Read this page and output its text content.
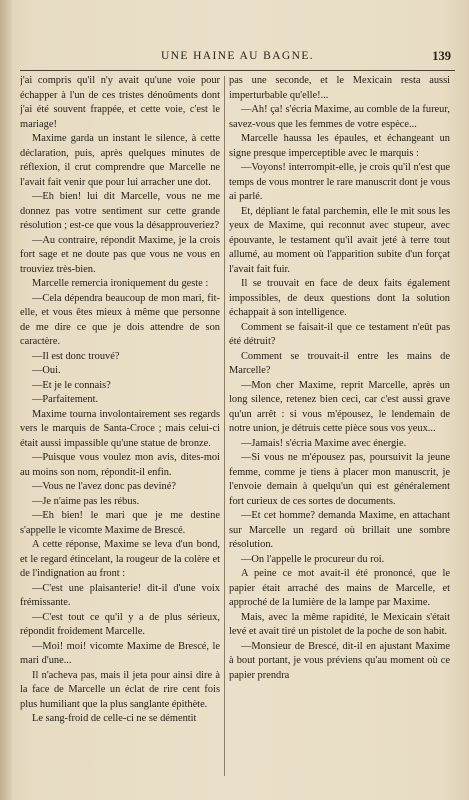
UNE HAINE AU BAGNE.	139

j'ai compris qu'il n'y avait qu'une voie pour échapper à l'un de ces tristes dénoûments dont j'ai été souvent frappée, et cette voie, c'est le mariage!

Maxime garda un instant le silence, à cette déclaration, puis, après quelques minutes de réflexion, il crut comprendre que Marcelle ne l'avait fait venir que pour lui arracher une dot.

—Eh bien! lui dit Marcelle, vous ne me donnez pas votre sentiment sur cette grande résolution ; est-ce que vous la désapprouveriez?

—Au contraire, répondit Maxime, je la crois fort sage et ne doute pas que vous ne vous en trouviez très-bien.

Marcelle remercia ironiquement du geste :

—Cela dépendra beaucoup de mon mari, fit-elle, et vous êtes mieux à même que personne de me dire ce que je dois attendre de son caractère.

—Il est donc trouvé?

—Oui.

—Et je le connais?

—Parfaitement.

Maxime tourna involontairement ses regards vers le marquis de Santa-Croce ; mais celui-ci était aussi impassible qu'une statue de bronze.

—Puisque vous voulez mon avis, dites-moi au moins son nom, répondit-il enfin.

—Vous ne l'avez donc pas deviné?

—Je n'aime pas les rébus.

—Eh bien! le mari que je me destine s'appelle le vicomte Maxime de Brescé.

A cette réponse, Maxime se leva d'un bond, et le regard étincelant, la rougeur de la colère et de l'indignation au front :

—C'est une plaisanterie! dit-il d'une voix frémissante.

—C'est tout ce qu'il y a de plus sérieux, répondit froidement Marcelle.

—Moi! moi! vicomte Maxime de Brescé, le mari d'une...

Il n'acheva pas, mais il jeta pour ainsi dire à la face de Marcelle un éclat de rire cent fois plus humiliant que la plus sanglante épithète.

Le sang-froid de celle-ci ne se démentit

pas une seconde, et le Mexicain resta aussi imperturbable qu'elle!...

—Ah! ça! s'écria Maxime, au comble de la fureur, savez-vous que les femmes de votre espèce...

Marcelle haussa les épaules, et échangeant un signe presque imperceptible avec le marquis :

—Voyons! interrompit-elle, je crois qu'il n'est que temps de vous montrer le rare manuscrit dont je vous ai parlé.

Et, dépliant le fatal parchemin, elle le mit sous les yeux de Maxime, qui reconnut avec stupeur, avec épouvante, le testament qu'il avait jeté à terre tout allumé, au moment où l'apparition subite d'un forçat l'avait fait fuir.

Il se trouvait en face de deux faits également impossibles, de deux questions dont la solution échappait à son intelligence.

Comment se faisait-il que ce testament n'eût pas été détruit?

Comment se trouvait-il entre les mains de Marcelle?

—Mon cher Maxime, reprit Marcelle, après un long silence, retenez bien ceci, car c'est aussi grave qu'un arrêt : si vous m'épousez, le lendemain de notre union, je détruis cette pièce sous vos yeux...

—Jamais! s'écria Maxime avec énergie.

—Si vous ne m'épousez pas, poursuivit la jeune femme, comme je tiens à placer mon manuscrit, je l'envoie demain à quelqu'un qui est généralement fort curieux de ces sortes de documents.

—Et cet homme? demanda Maxime, en attachant sur Marcelle un regard où brillait une sombre résolution.

—On l'appelle le procureur du roi.

A peine ce mot avait-il été prononcé, que le papier était arraché des mains de Marcelle, et approché de la lumière de la lampe par Maxime.

Mais, avec la même rapidité, le Mexicain s'était levé et avait tiré un pistolet de la poche de son habit.

—Monsieur de Brescé, dit-il en ajustant Maxime à bout portant, je vous préviens qu'au moment où ce papier prendra
